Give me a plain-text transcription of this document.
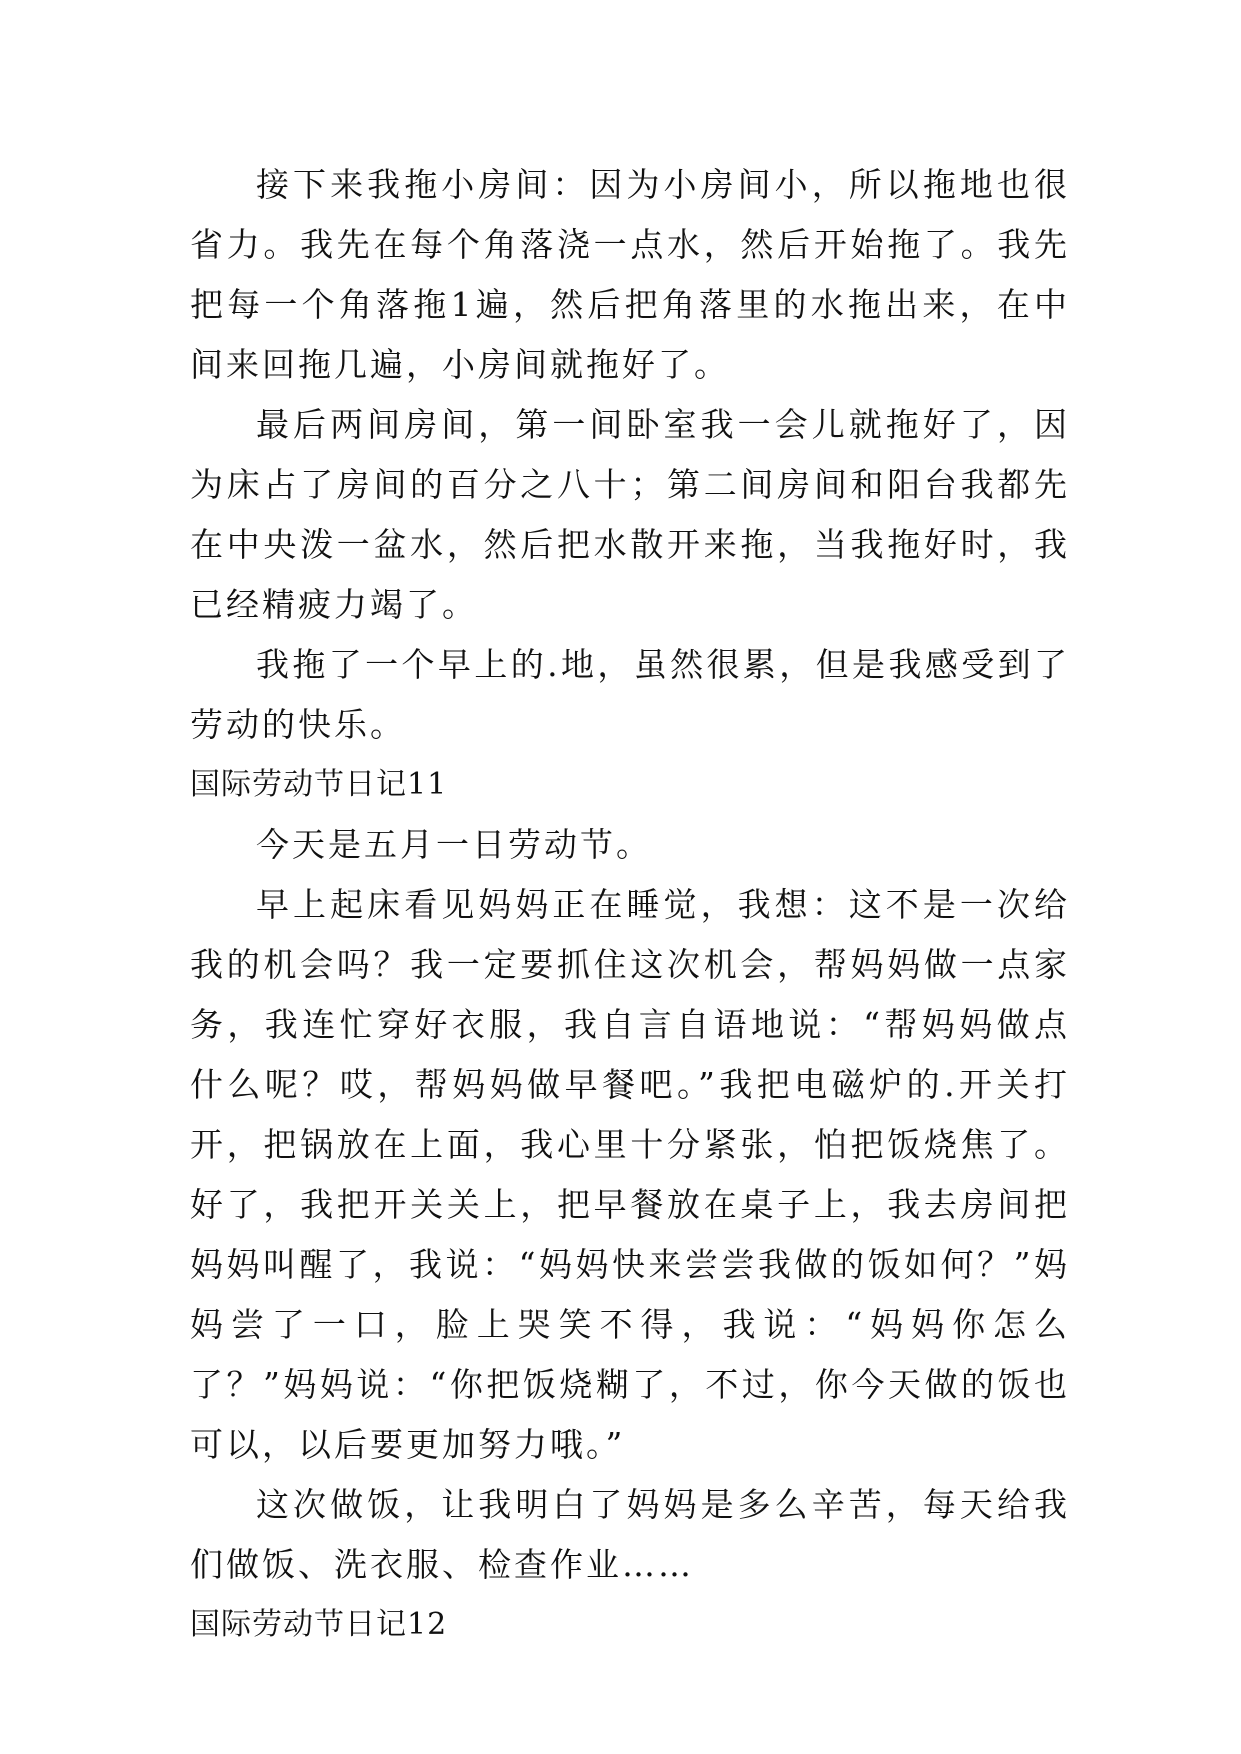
接下来我拖小房间：因为小房间小，所以拖地也很省力。我先在每个角落浇一点水，然后开始拖了。我先把每一个角落拖1遍，然后把角落里的水拖出来，在中间来回拖几遍，小房间就拖好了。

最后两间房间，第一间卧室我一会儿就拖好了，因为床占了房间的百分之八十；第二间房间和阳台我都先在中央泼一盆水，然后把水散开来拖，当我拖好时，我已经精疲力竭了。

我拖了一个早上的.地，虽然很累，但是我感受到了劳动的快乐。

国际劳动节日记11

今天是五月一日劳动节。

早上起床看见妈妈正在睡觉，我想：这不是一次给我的机会吗？我一定要抓住这次机会，帮妈妈做一点家务，我连忙穿好衣服，我自言自语地说：“帮妈妈做点什么呢？哎，帮妈妈做早餐吧。”我把电磁炉的.开关打开，把锅放在上面，我心里十分紧张，怕把饭烧焦了。好了，我把开关关上，把早餐放在桌子上，我去房间把妈妈叫醒了，我说：“妈妈快来尝尝我做的饭如何？”妈妈尝了一口，脸上哭笑不得，我说：“妈妈你怎么了？”妈妈说：“你把饭烧糊了，不过，你今天做的饭也可以，以后要更加努力哦。”

这次做饭，让我明白了妈妈是多么辛苦，每天给我们做饭、洗衣服、检查作业……

国际劳动节日记12
